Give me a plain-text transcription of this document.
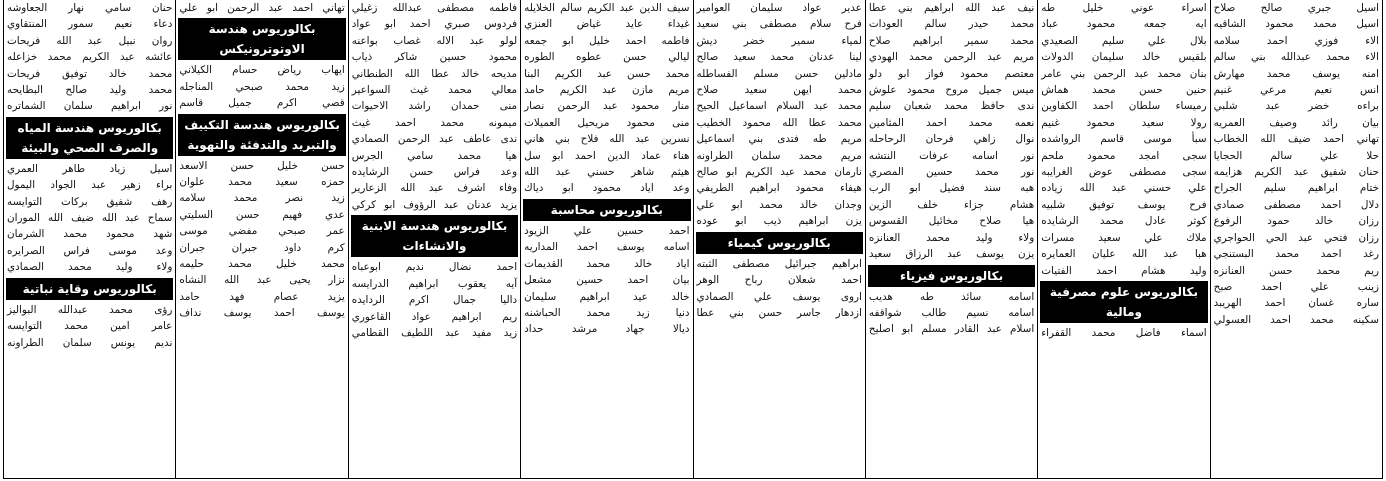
اسيل جبري صالح صلاح
اسيل محمد محمود الشاقيه
الاء فوزي احمد سلامه
الاء محمد عبدالله بني سالم
امنه يوسف محمد مهارش
انس نعيم مرعي غنيم
براءه خضر عبد شلبي
بيان رائد وصيف العمريه
تهاني احمد ضيف الله الخطاب
حلا علي سالم الحجايا
حنان شفيق عبد الكريم هزايمه
ختام ابراهيم سليم الجراح
دلال احمد مصطفى صمادي
رزان خالد حمود الرفوع
رزان فتحي عبد الحي الحواجري
رغد احمد محمد البستنجي
ريم محمد حسن العنانزه
زينب علي احمد صبح
ساره غسان احمد الهريبد
سكينه محمد احمد العسولي
اسراء عوني خليل طه
ايه جمعه محمود عباد
بلال علي سليم الصعيدي
بلقيس خالد سليمان الدولات
بنان محمد عبد الرحمن بني عامر
حنين حسن محمد هماش
رميساء سلطان احمد الكفاوين
رولا سعيد محمود غنيم
سبأ موسى قاسم الرواشده
سجى امجد محمود ملحم
سجى مصطفى عوض الغرايبه
علي حسني عبد الله زياده
فرح يوسف توفيق شلبيه
كوثر عادل محمد الرشايده
ملاك علي سعيد مسرات
هبا عبد الله عليان العمايره
وليد هشام احمد الفتيات
بكالوريوس علوم مصرفية
ومالية
اسماء فاضل محمد القفراء
نيف عبد الله ابراهيم بني عطا
محمد حيدر سالم العودات
محمد سمير ابراهيم صلاح
مريم عبد الرحمن محمد الهودي
معتصم محمود فواز ابو دلو
ميس جميل مروح محمود علوش
ندى حافظ محمد شعبان سليم
نعمه محمد احمد المثامين
نوال زاهي فرحان الرحاحله
نور اسامه عرفات النتشه
نور محمد حسين المصري
هبه سند فضيل ابو الرب
هشام جزاء خلف الزين
هيا صلاح مخائيل القسوس
ولاء وليد محمد العنانزه
يزن يوسف عبد الرزاق سعيد
بكالوريوس فيزياء
اسامه سائد طه هديب
اسامه نسيم طالب شواقفه
اسلام عبد القادر مسلم ابو اصليح
عدير عواد سليمان العوامير
فرح سلام مصطفى بني سعيد
لمياء سمير خضر ديش
لينا عدنان محمد سعيد صالح
مادلين حسن مسلم الفساطله
محمد ايهن سعيد صلاح
محمد عبد السلام اسماعيل الحيح
محمد عطا الله محمود الخطيب
مريم طه فتدى بني اسماعيل
مريم محمد سلمان الطراونه
نارمان محمد عبد الكريم ابو صالح
هيفاء محمود ابراهيم الطريفي
وجدان خالد محمد ابو علي
يزن ابراهيم ذيب ابو عوده
بكالوريوس كيمياء
ابراهيم جبرائيل مصطفى الثبته
احمد شعلان رباح الوهر
اروى يوسف علي الصمادي
ازدهار جاسر حسن بني عطا
سيف الدين عبد الكريم سالم الخلايله
غيداء عايد غياض العنزي
فاطمه احمد خليل ابو جمعه
ليالي حسن عطوه الطوره
محمد حسن عبد الكريم البنا
مريم مازن عبد الكريم حامد
منار محمود عبد الرحمن نصار
منى محمود مريحيل العميلات
نسرين عبد الله فلاح بني هاني
هناء عماد الدين احمد ابو سل
هيثم شاهر حسني عبد الله
وعد اياد محمود ابو دياك
بكالوريوس محاسبة
احمد حسين علي الزيود
اسامه يوسف احمد المداريه
اياد خالد محمد القديمات
بيان احمد حسين مشعل
خالد عيد ابراهيم سليمان
دنيا زيد محمد الحباشنه
ديالا جهاد مرشد حداد
فاطمه مصطفى عبدالله زغيلي
فردوس صبري احمد ابو عواد
لولو عبد الاله غصاب بواعنه
محمود حسين شاكر ذياب
مديحه خالد عطا الله الطنطاني
معالي محمد غيث السواعير
منى حمدان راشد الاحيوات
ميمونه محمد احمد غيث
ندى عاطف عبد الرحمن الصمادي
هيا محمد سامي الجرس
وعد فراس حسن الرشايده
وفاء اشرف عبد الله الزعارير
يزيد عدنان عبد الرؤوف ابو كركي
بكالوريوس هندسة الابنية
والانشاءات
احمد نضال نديم ابوعباه
آيه يعقوب ابراهيم الدرايسه
داليا جمال اكرم الردايده
ريم ابراهيم عواد القاعوري
زيد مفيد عبد اللطيف القطامي
تهاني احمد عبد الرحمن ابو علي
بكالوريوس هندسة
الاوتوترونيكس
ايهاب رياض حسام الكيلاني
زيد محمد صبحي المناجله
قصي اكرم جميل قاسم
بكالوريوس هندسة التكييف
والتبريد والتدفئة والتهوية
حسن خليل حسن الاسعد
حمزه سعيد محمد علوان
زيد نصر محمد سلامه
عدي فهيم حسن السليتي
عمر صبحي مفضي موسى
كرم داود جبران جبران
محمد خليل محمد حليمه
نزار يحيى عبد الله النشاه
يزيد عصام فهد حامد
يوسف احمد يوسف نداف
حنان سامي نهار الجعاوشه
دعاء نعيم سمور المنتقاوي
روان نبيل عبد الله فريحات
عائشه عبد الكريم محمد خزاعله
محمد خالد توفيق فريحات
محمد وليد صالح البطايحه
نور ابراهيم سلمان الشماتره
بكالوريوس هندسة المياه
والصرف الصحي والبيئة
اسيل زياد طاهر العمري
براء زهير عبد الجواد اليمول
رهف شفيق بركات التوايسه
سماح عبد الله ضيف الله الموران
شهد محمود محمد الشرمان
وعد موسى فراس الصرايره
ولاء وليد محمد الصمادي
بكالوريوس وقاية نباتية
رؤى محمد عبدالله البواليز
عامر امين محمد التوايسه
نديم يونس سلمان الطراونه
